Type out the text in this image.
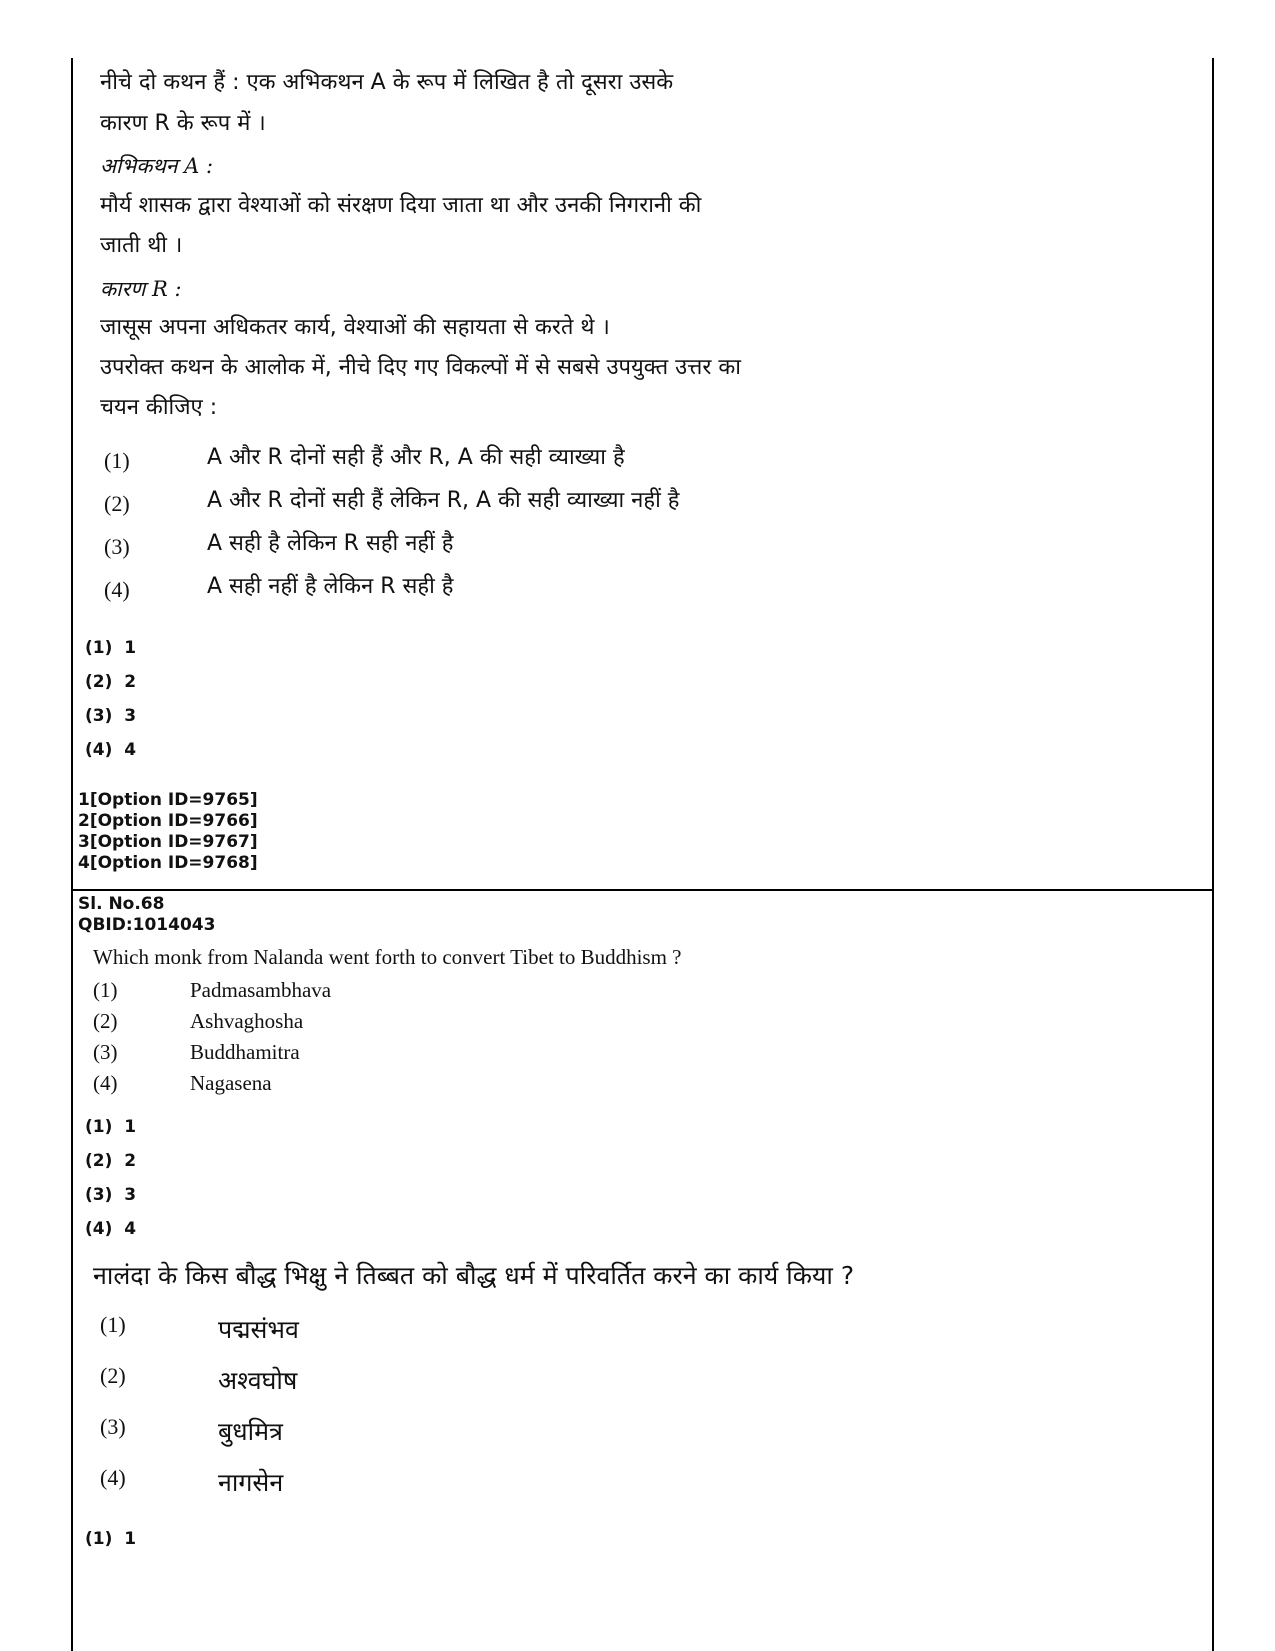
नीचे दो कथन हैं : एक अभिकथन A के रूप में लिखित है तो दूसरा उसके
कारण R के रूप में ।
अभिकथन A :
मौर्य शासक द्वारा वेश्याओं को संरक्षण दिया जाता था और उनकी निगरानी की
जाती थी ।
कारण R :
जासूस अपना अधिकतर कार्य, वेश्याओं की सहायता से करते थे ।
उपरोक्त कथन के आलोक में, नीचे दिए गए विकल्पों में से सबसे उपयुक्त उत्तर का
चयन कीजिए :
(1)	A और R दोनों सही हैं और R, A की सही व्याख्या है
(2)	A और R दोनों सही हैं लेकिन R, A की सही व्याख्या नहीं है
(3)	A सही है लेकिन R सही नहीं है
(4)	A सही नहीं है लेकिन R सही है
(1)  1
(2)  2
(3)  3
(4)  4
1[Option ID=9765]
2[Option ID=9766]
3[Option ID=9767]
4[Option ID=9768]
Sl. No.68
QBID:1014043
Which monk from Nalanda went forth to convert Tibet to Buddhism ?
(1)	Padmasambhava
(2)	Ashvaghosha
(3)	Buddhamitra
(4)	Nagasena
(1)  1
(2)  2
(3)  3
(4)  4
नालंदा के किस बौद्ध भिक्षु ने तिब्बत को बौद्ध धर्म में परिवर्तित करने का कार्य किया ?
(1)	पद्मसंभव
(2)	अश्वघोष
(3)	बुधमित्र
(4)	नागसेन
(1)  1
